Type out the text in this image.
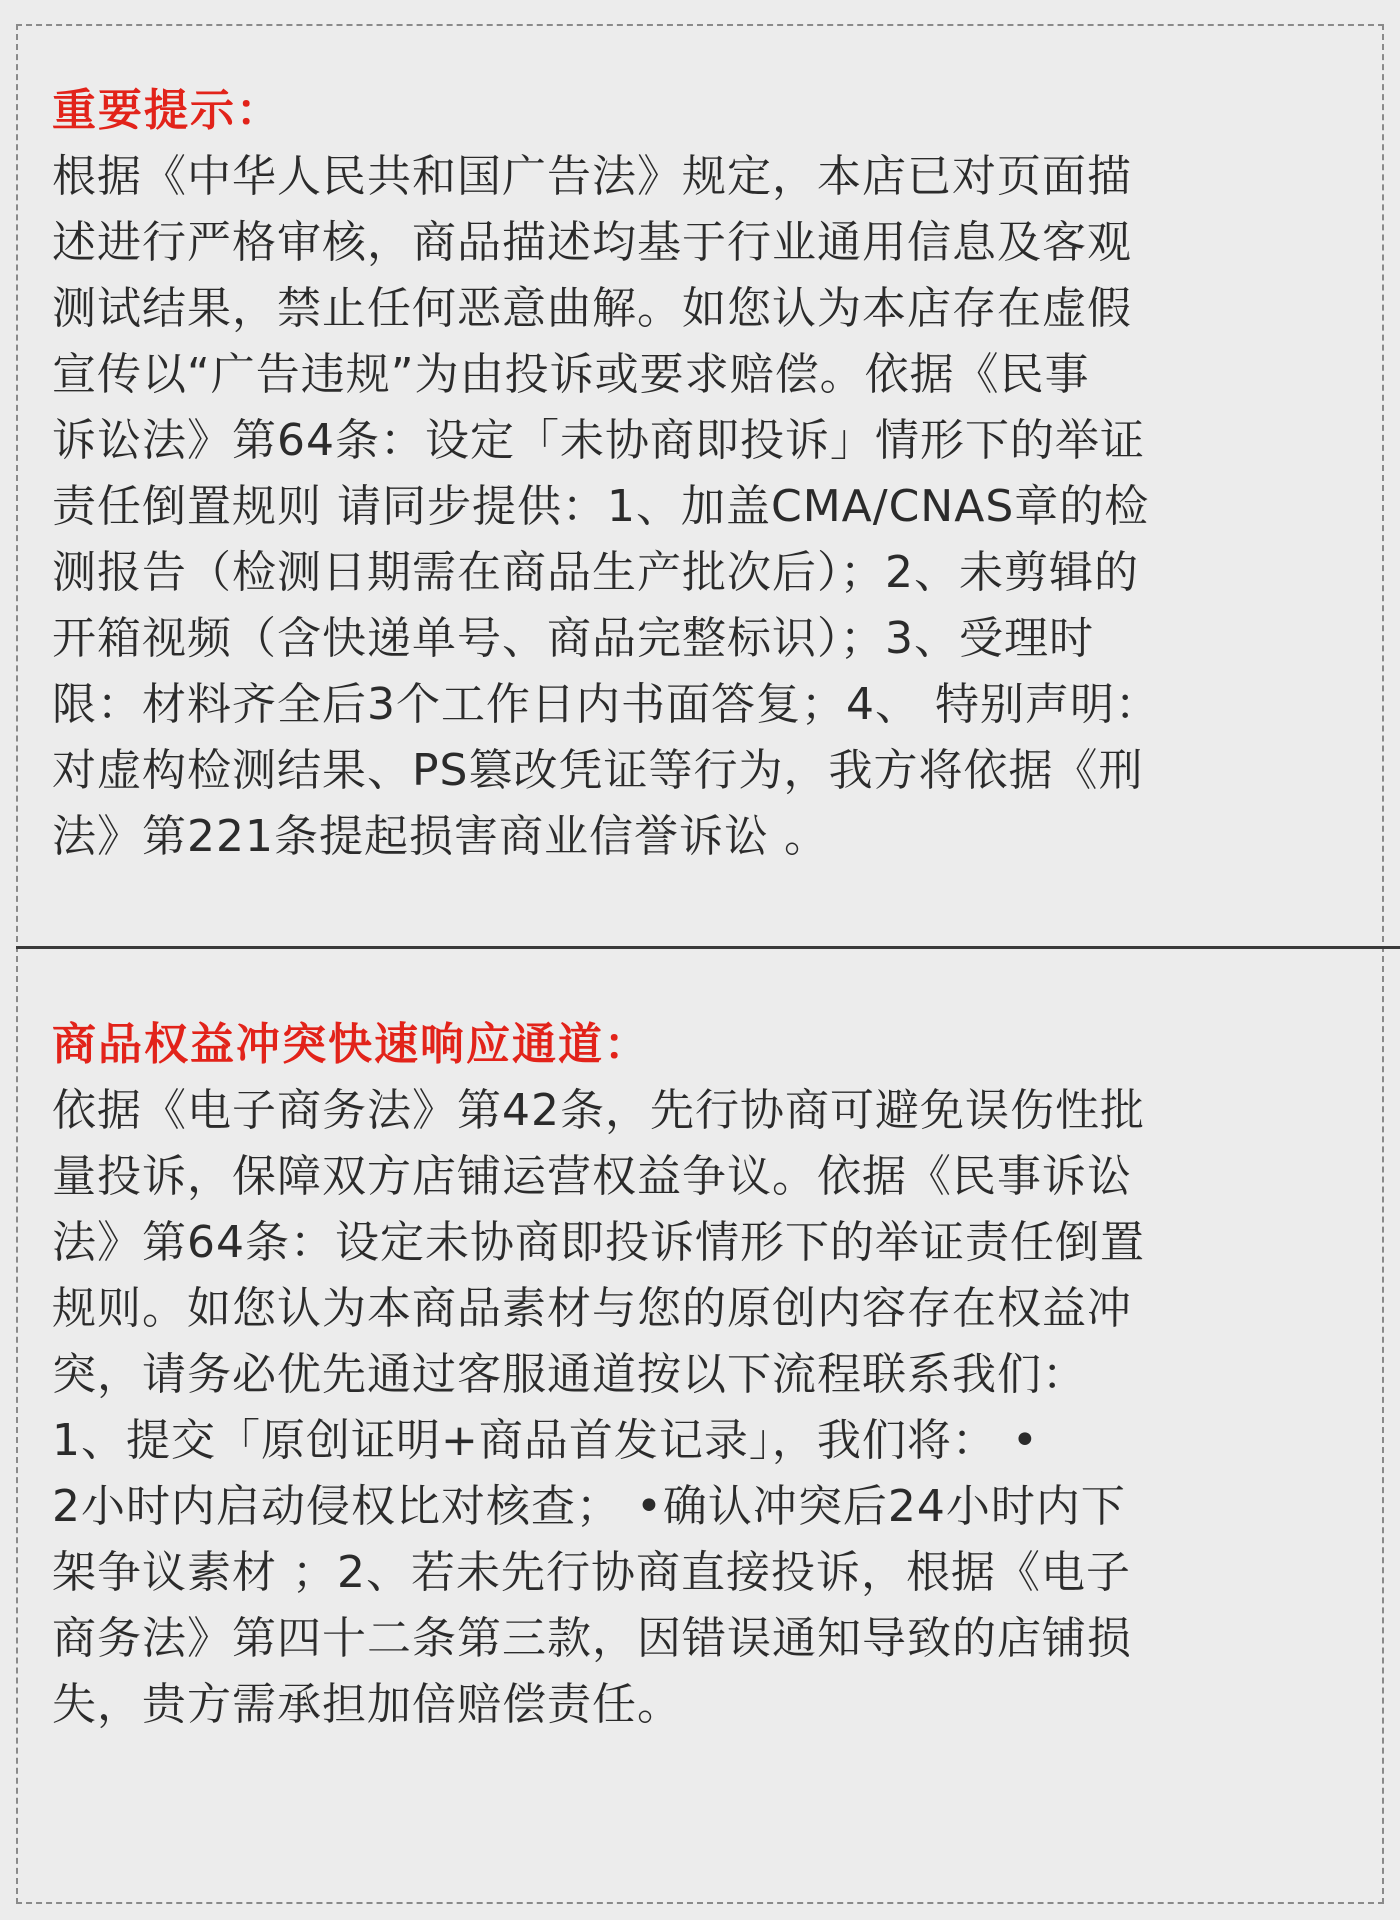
重要提示：

根据《中华人民共和国广告法》规定，本店已对页面描
述进行严格审核，商品描述均基于行业通用信息及客观
测试结果，禁止任何恶意曲解。如您认为本店存在虚假
宣传以“广告违规”为由投诉或要求赔偿。依据《民事
诉讼法》第64条：设定「未协商即投诉」情形下的举证
责任倒置规则 请同步提供：1、加盖CMA/CNAS章的检
测报告（检测日期需在商品生产批次后）；2、未剪辑的
开箱视频（含快递单号、商品完整标识）；3、受理时
限：材料齐全后3个工作日内书面答复；4、 特别声明：
对虚构检测结果、PS篡改凭证等行为，我方将依据《刑
法》第221条提起损害商业信誉诉讼 。

商品权益冲突快速响应通道：

依据《电子商务法》第42条，先行协商可避免误伤性批
量投诉，保障双方店铺运营权益争议。依据《民事诉讼
法》第64条：设定未协商即投诉情形下的举证责任倒置
规则。如您认为本商品素材与您的原创内容存在权益冲
突，请务必优先通过客服通道按以下流程联系我们：
1、提交「原创证明+商品首发记录」，我们将： •
2小时内启动侵权比对核查； •确认冲突后24小时内下
架争议素材 ；2、若未先行协商直接投诉，根据《电子
商务法》第四十二条第三款，因错误通知导致的店铺损
失，贵方需承担加倍赔偿责任。
